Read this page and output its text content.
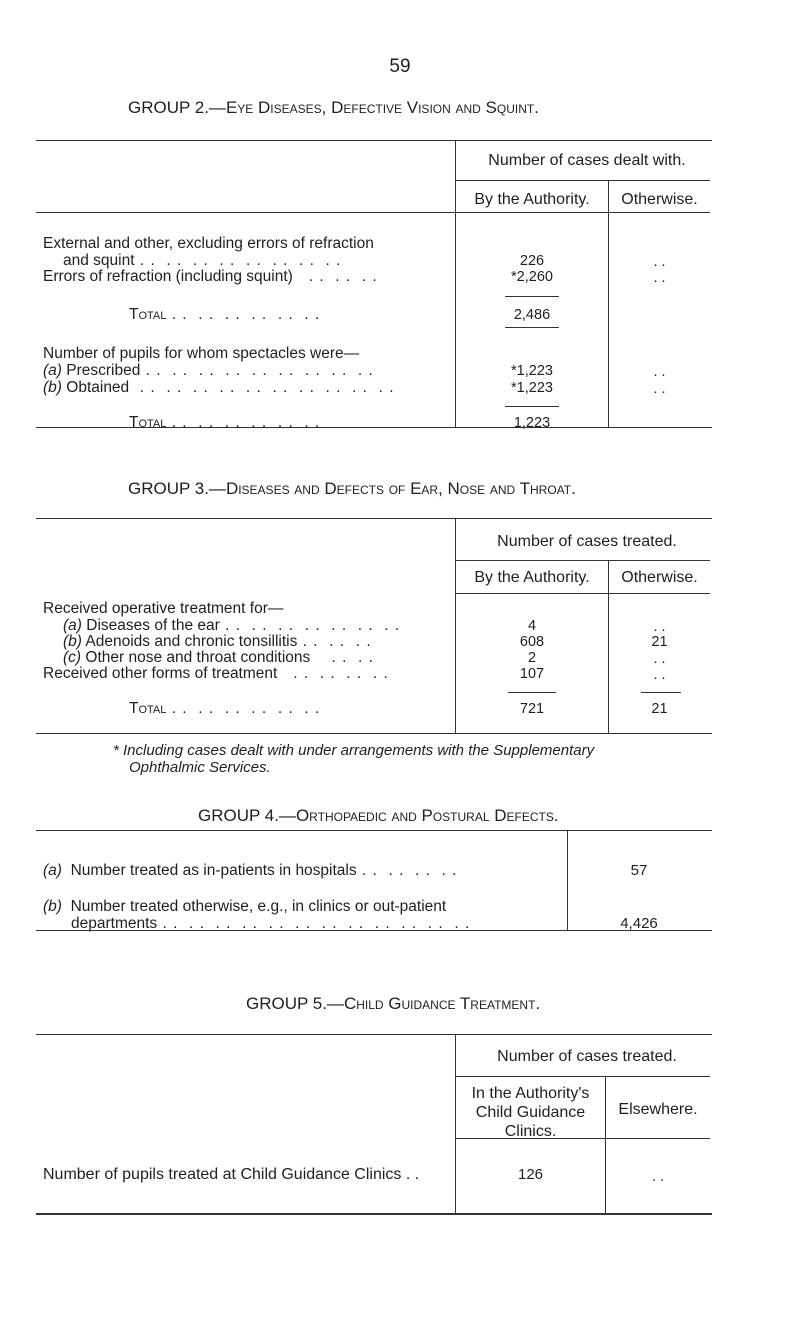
59
GROUP 2.—Eye Diseases, Defective Vision and Squint.
Number of cases dealt with.
By the Authority.	Otherwise.
External and other, excluding errors of refraction
and squint . .  . .  . .  . .  . .  . .  . .  . .	226	. .
Errors of refraction (including squint)   . .  . .  . .	*2,260	. .
Total . .  . .  . .  . .  . .  . .	2,486
Number of pupils for whom spectacles were—
(a) Prescribed . .  . .  . .  . .  . .  . .  . .  . .  . .	*1,223	. .
(b) Obtained  . .  . .  . .  . .  . .  . .  . .  . .  . .  . .	*1,223	. .
Total . .  . .  . .  . .  . .  . .	1,223
GROUP 3.—Diseases and Defects of Ear, Nose and Throat.
Number of cases treated.
By the Authority.	Otherwise.
Received operative treatment for—
(a) Diseases of the ear . .  . .  . .  . .  . .  . .  . .	4	. .
(b) Adenoids and chronic tonsillitis . .  . .  . .	608	21
(c) Other nose and throat conditions    . .  . .	2	. .
Received other forms of treatment   . .  . .  . .  . .	107	. .
Total . .  . .  . .  . .  . .  . .	721	21
* Including cases dealt with under arrangements with the Supplementary
Ophthalmic Services.
GROUP 4.—Orthopaedic and Postural Defects.
(a) Number treated as in-patients in hospitals . .  . .  . .  . .	57
(b) Number treated otherwise, e.g., in clinics or out-patient
departments . .  . .  . .  . .  . .  . .  . .  . .  . .  . .  . .  . .	4,426
GROUP 5.—Child Guidance Treatment.
Number of cases treated.
In the Authority's
Child Guidance
Clinics.
Elsewhere.
Number of pupils treated at Child Guidance Clinics . .	126	. .
